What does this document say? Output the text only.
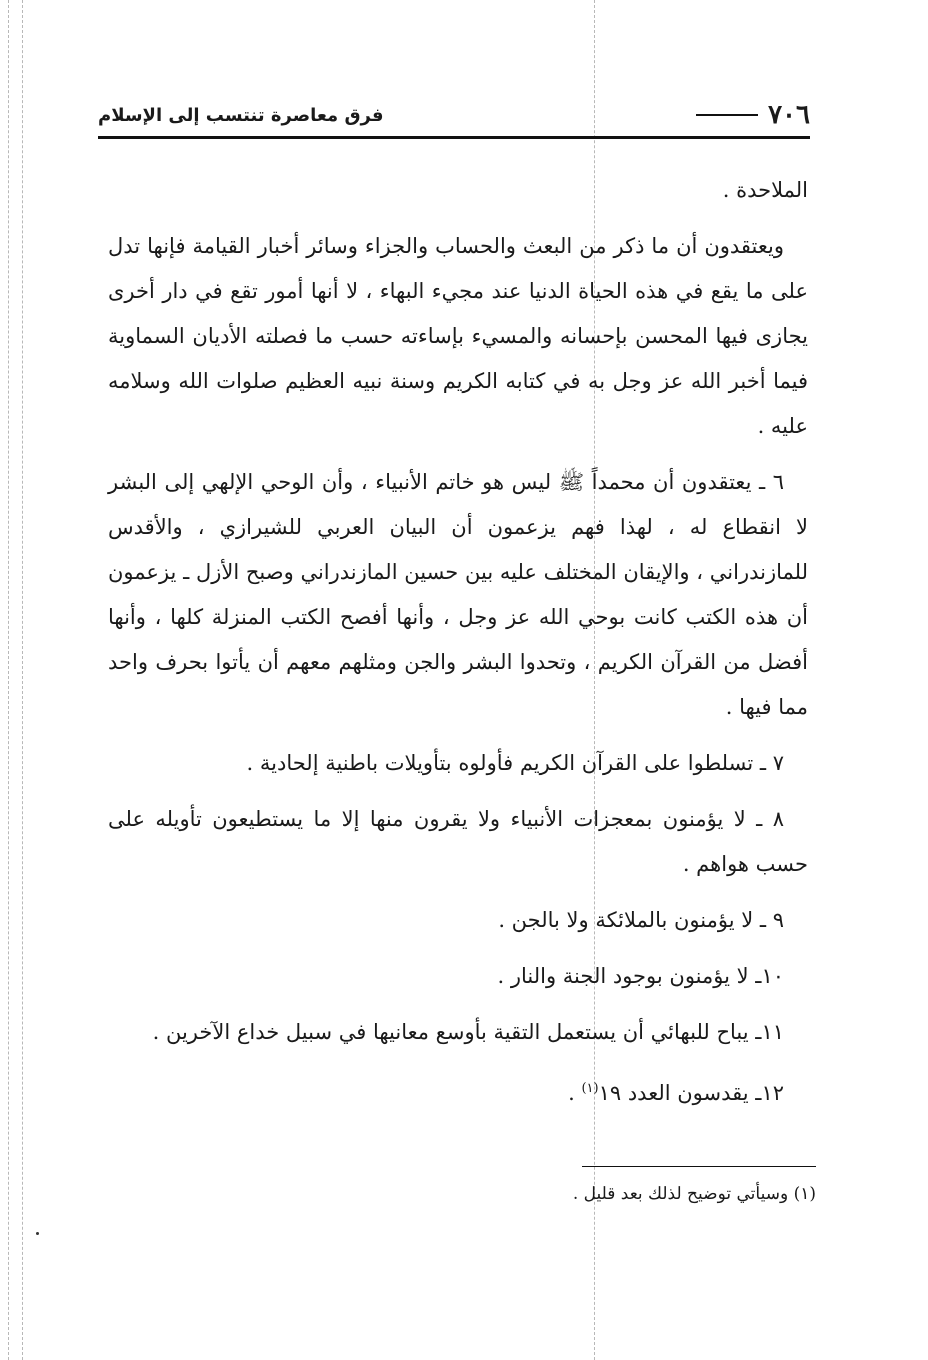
٧٠٦
فرق معاصرة تنتسب إلى الإسلام

الملاحدة .

ويعتقدون أن ما ذكر من البعث والحساب والجزاء وسائر أخبار القيامة فإنها تدل على ما يقع في هذه الحياة الدنيا عند مجيء البهاء ، لا أنها أمور تقع في دار أخرى يجازى فيها المحسن بإحسانه والمسيء بإساءته حسب ما فصلته الأديان السماوية فيما أخبر الله عز وجل به في كتابه الكريم وسنة نبيه العظيم صلوات الله وسلامه عليه .

٦ ـ يعتقدون أن محمداً ﷺ ليس هو خاتم الأنبياء ، وأن الوحي الإلهي إلى البشر لا انقطاع له ، لهذا فهم يزعمون أن البيان العربي للشيرازي ، والأقدس للمازندراني ، والإيقان المختلف عليه بين حسين المازندراني وصبح الأزل ـ يزعمون أن هذه الكتب كانت بوحي الله عز وجل ، وأنها أفصح الكتب المنزلة كلها ، وأنها أفضل من القرآن الكريم ، وتحدوا البشر والجن ومثلهم معهم أن يأتوا بحرف واحد مما فيها .

٧ ـ تسلطوا على القرآن الكريم فأولوه بتأويلات باطنية إلحادية .

٨ ـ لا يؤمنون بمعجزات الأنبياء ولا يقرون منها إلا ما يستطيعون تأويله على حسب هواهم .

٩ ـ لا يؤمنون بالملائكة ولا بالجن .

١٠ـ لا يؤمنون بوجود الجنة والنار .

١١ـ يباح للبهائي أن يستعمل التقية بأوسع معانيها في سبيل خداع الآخرين .

١٢ـ يقدسون العدد ١٩$^{(١)}$ .

(١) وسيأتي توضيح لذلك بعد قليل .
